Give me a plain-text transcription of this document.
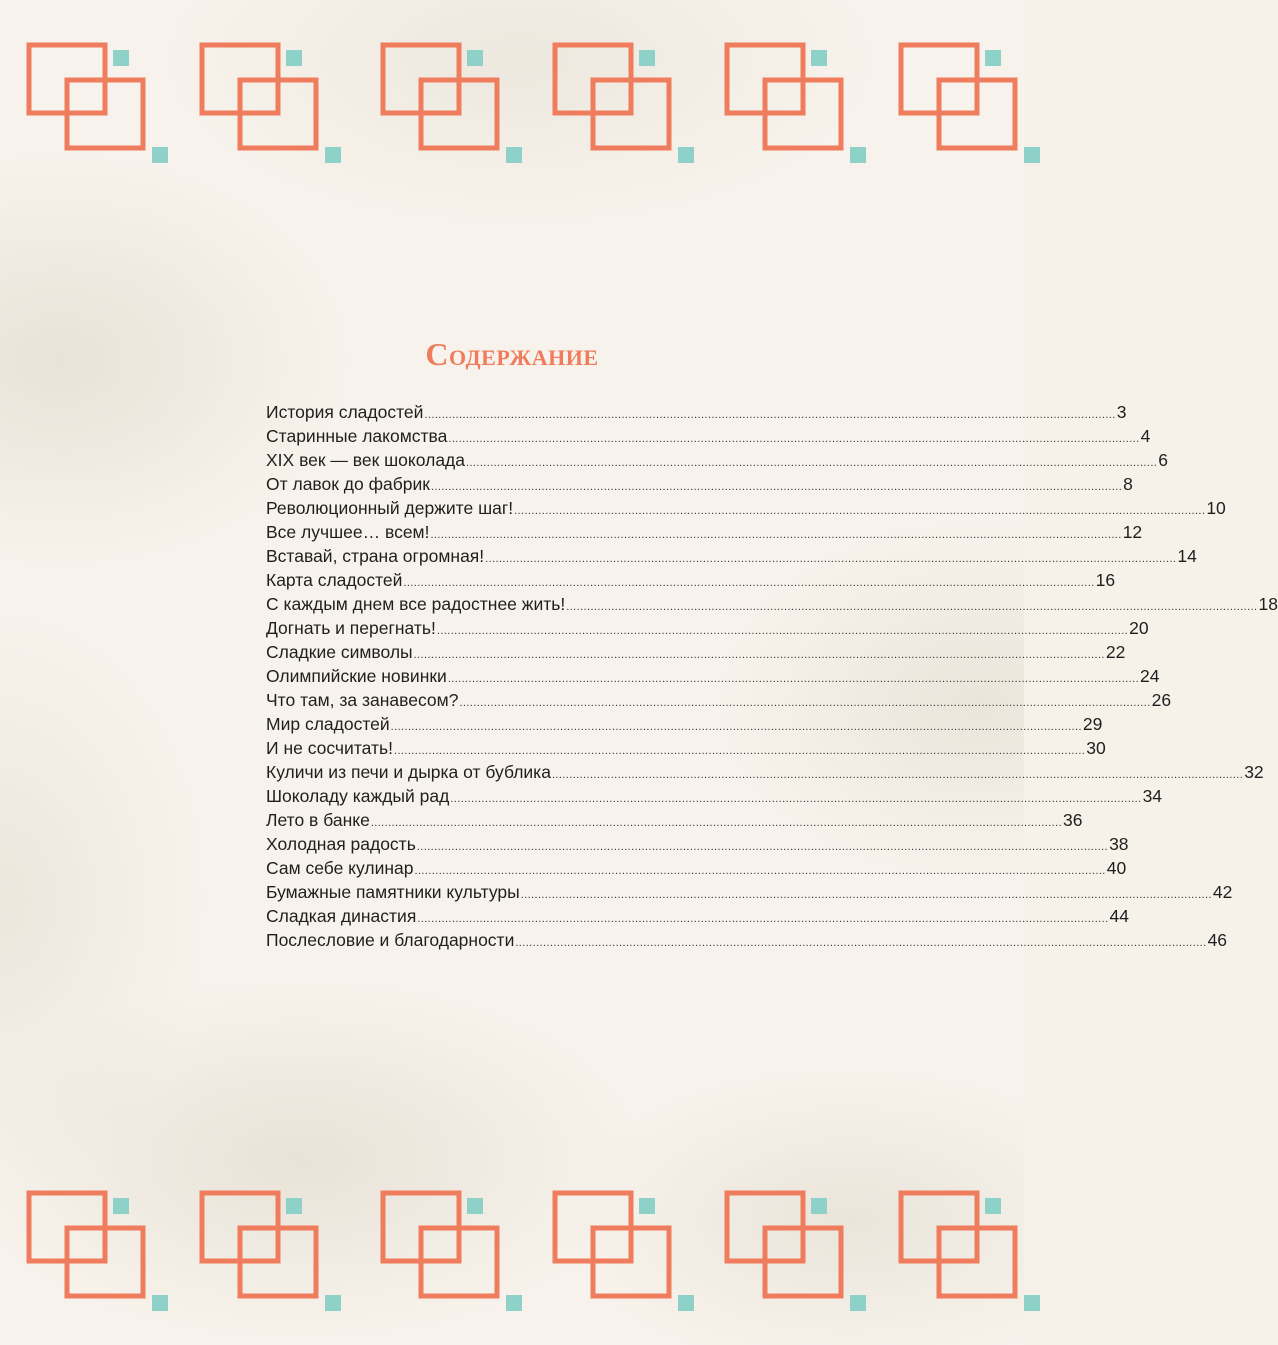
Содержание
История сладостей ........................................................................................................................................................................................................ 3
Старинные лакомства ........................................................................................................................................................................................................ 4
XIX век — век шоколада ........................................................................................................................................................................................................ 6
От лавок до фабрик ........................................................................................................................................................................................................ 8
Революционный держите шаг! ........................................................................................................................................................................................................ 10
Все лучшее… всем! ........................................................................................................................................................................................................ 12
Вставай, страна огромная! ........................................................................................................................................................................................................ 14
Карта сладостей ........................................................................................................................................................................................................ 16
С каждым днем все радостнее жить! ........................................................................................................................................................................................................ 18
Догнать и перегнать! ........................................................................................................................................................................................................ 20
Сладкие символы ........................................................................................................................................................................................................ 22
Олимпийские новинки ........................................................................................................................................................................................................ 24
Что там, за занавесом? ........................................................................................................................................................................................................ 26
Мир сладостей ........................................................................................................................................................................................................ 29
И не сосчитать! ........................................................................................................................................................................................................ 30
Куличи из печи и дырка от бублика ........................................................................................................................................................................................................ 32
Шоколаду каждый рад ........................................................................................................................................................................................................ 34
Лето в банке ........................................................................................................................................................................................................ 36
Холодная радость ........................................................................................................................................................................................................ 38
Сам себе кулинар ........................................................................................................................................................................................................ 40
Бумажные памятники культуры ........................................................................................................................................................................................................ 42
Сладкая династия ........................................................................................................................................................................................................ 44
Послесловие и благодарности ........................................................................................................................................................................................................ 46
